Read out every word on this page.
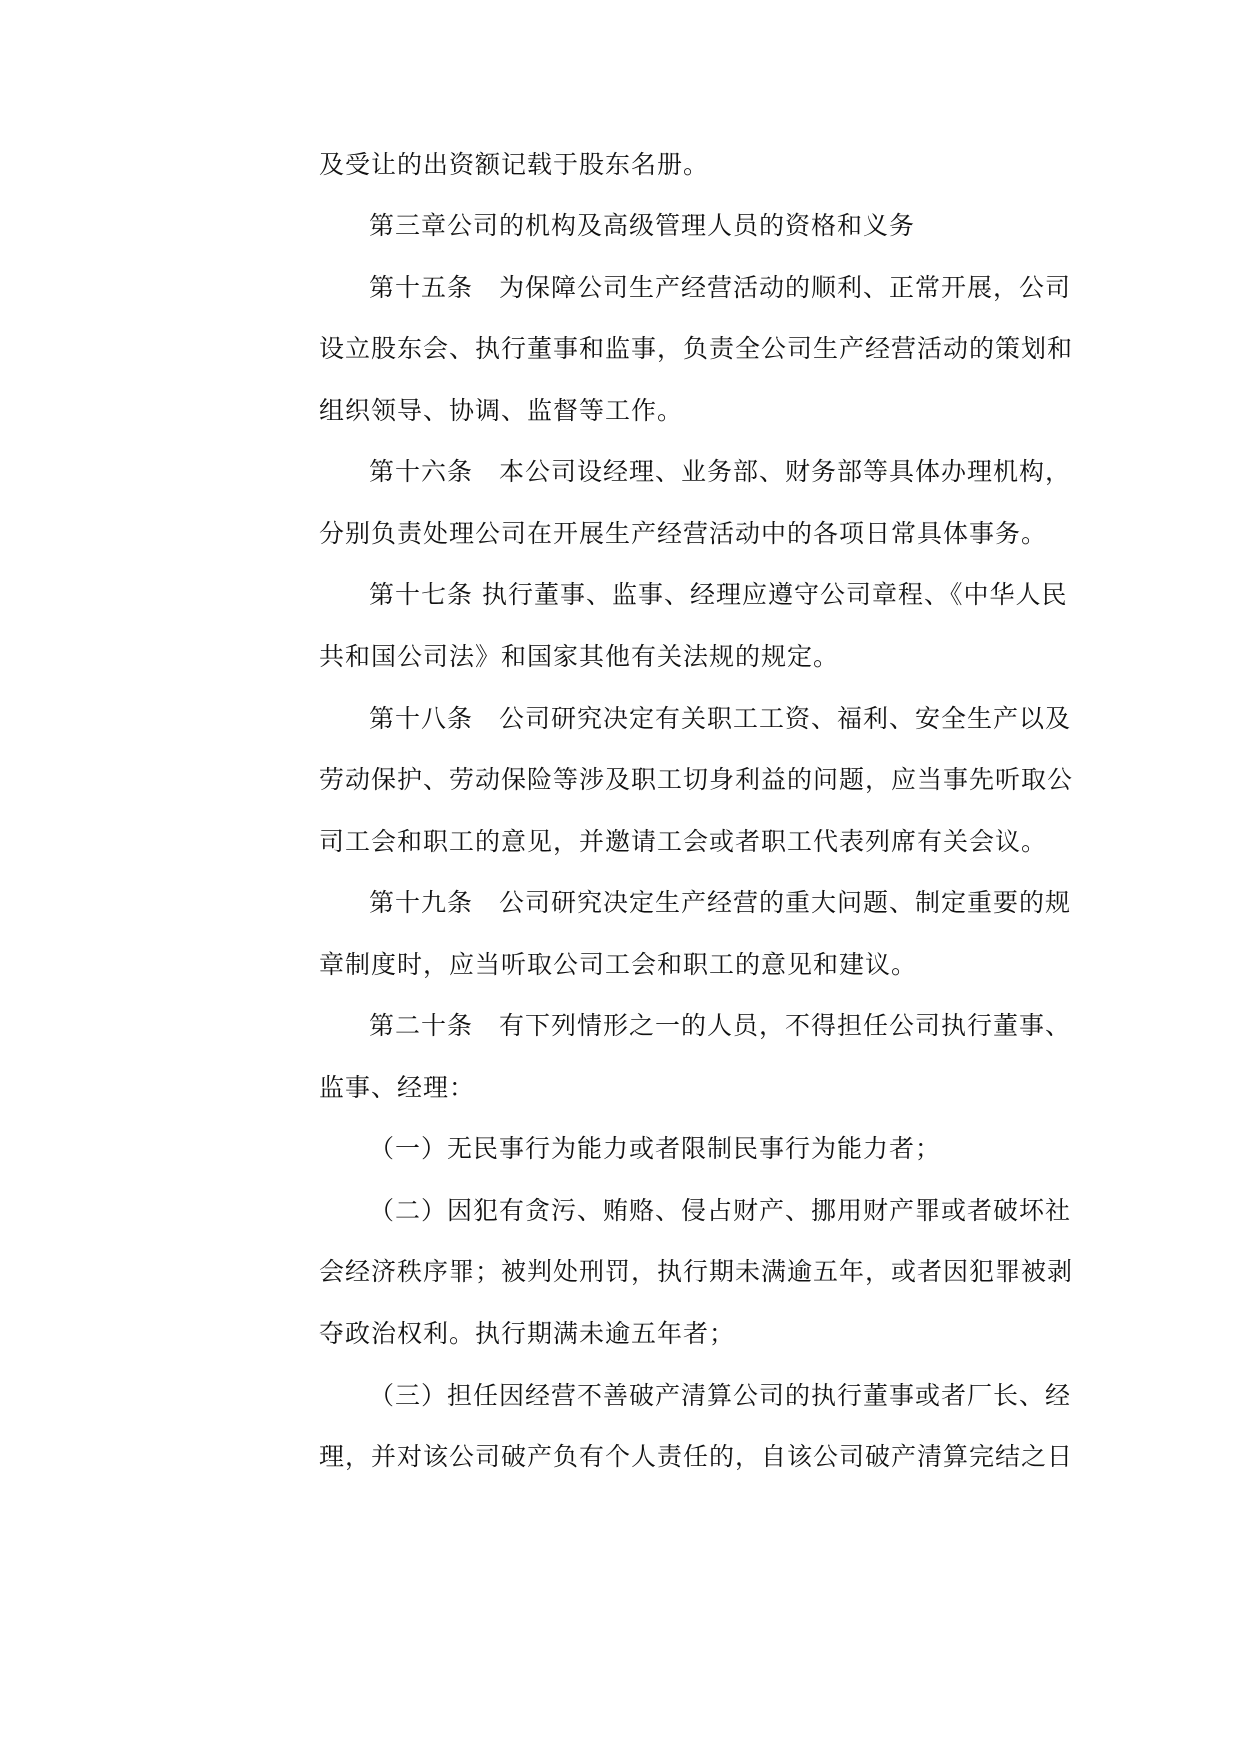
及受让的出资额记载于股东名册。
第三章公司的机构及高级管理人员的资格和义务
第十五条　为保障公司生产经营活动的顺利、正常开展，公司
设立股东会、执行董事和监事，负责全公司生产经营活动的策划和
组织领导、协调、监督等工作。
第十六条　本公司设经理、业务部、财务部等具体办理机构，
分别负责处理公司在开展生产经营活动中的各项日常具体事务。
第十七条 执行董事、监事、经理应遵守公司章程、《中华人民
共和国公司法》和国家其他有关法规的规定。
第十八条　公司研究决定有关职工工资、福利、安全生产以及
劳动保护、劳动保险等涉及职工切身利益的问题，应当事先听取公
司工会和职工的意见，并邀请工会或者职工代表列席有关会议。
第十九条　公司研究决定生产经营的重大问题、制定重要的规
章制度时，应当听取公司工会和职工的意见和建议。
第二十条　有下列情形之一的人员，不得担任公司执行董事、
监事、经理：
（一）无民事行为能力或者限制民事行为能力者；
（二）因犯有贪污、贿赂、侵占财产、挪用财产罪或者破坏社
会经济秩序罪；被判处刑罚，执行期未满逾五年，或者因犯罪被剥
夺政治权利。执行期满未逾五年者；
（三）担任因经营不善破产清算公司的执行董事或者厂长、经
理，并对该公司破产负有个人责任的，自该公司破产清算完结之日
